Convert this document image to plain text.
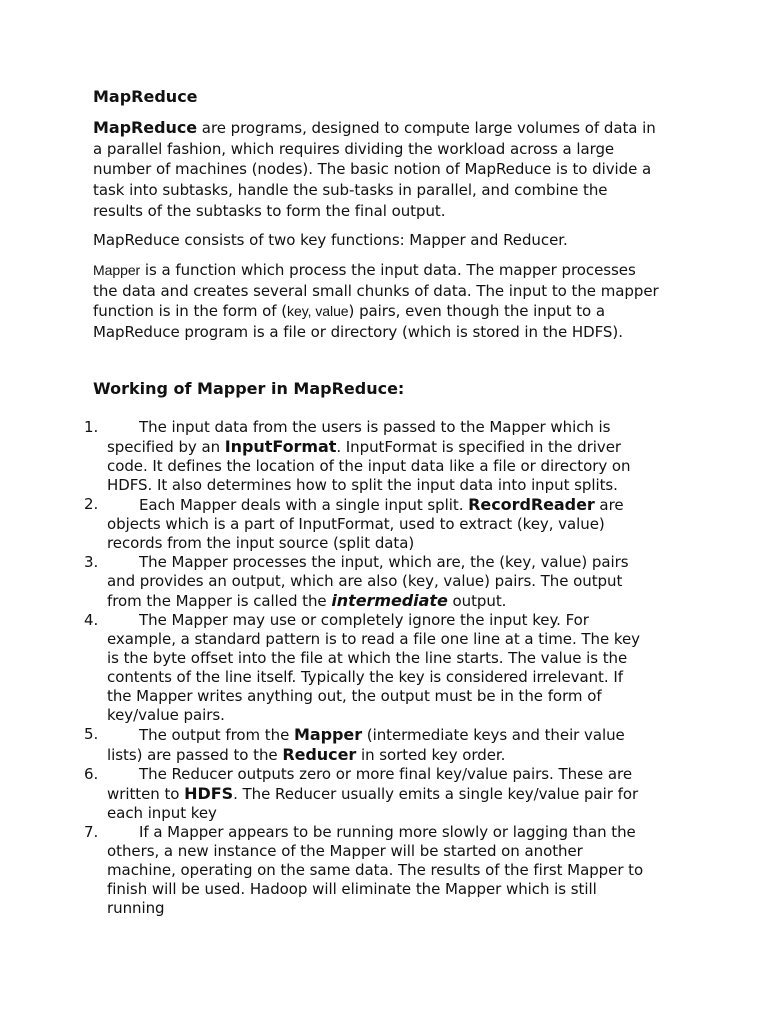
MapReduce

MapReduce are programs, designed to compute large volumes of data in
a parallel fashion, which requires dividing the workload across a large
number of machines (nodes). The basic notion of MapReduce is to divide a
task into subtasks, handle the sub-tasks in parallel, and combine the
results of the subtasks to form the final output.

MapReduce consists of two key functions: Mapper and Reducer.

Mapper is a function which process the input data. The mapper processes
the data and creates several small chunks of data. The input to the mapper
function is in the form of (key, value) pairs, even though the input to a
MapReduce program is a file or directory (which is stored in the HDFS).

Working of Mapper in MapReduce:
1.	The input data from the users is passed to the Mapper which is
specified by an InputFormat. InputFormat is specified in the driver
code. It defines the location of the input data like a file or directory on
HDFS. It also determines how to split the input data into input splits.
2.	Each Mapper deals with a single input split. RecordReader are
objects which is a part of InputFormat, used to extract (key, value)
records from the input source (split data)
3.	The Mapper processes the input, which are, the (key, value) pairs
and provides an output, which are also (key, value) pairs. The output
from the Mapper is called the intermediate output.
4.	The Mapper may use or completely ignore the input key. For
example, a standard pattern is to read a file one line at a time. The key
is the byte offset into the file at which the line starts. The value is the
contents of the line itself. Typically the key is considered irrelevant. If
the Mapper writes anything out, the output must be in the form of
key/value pairs.
5.	The output from the Mapper (intermediate keys and their value
lists) are passed to the Reducer in sorted key order.
6.	The Reducer outputs zero or more final key/value pairs. These are
written to HDFS. The Reducer usually emits a single key/value pair for
each input key
7.	If a Mapper appears to be running more slowly or lagging than the
others, a new instance of the Mapper will be started on another
machine, operating on the same data. The results of the first Mapper to
finish will be used. Hadoop will eliminate the Mapper which is still
running
